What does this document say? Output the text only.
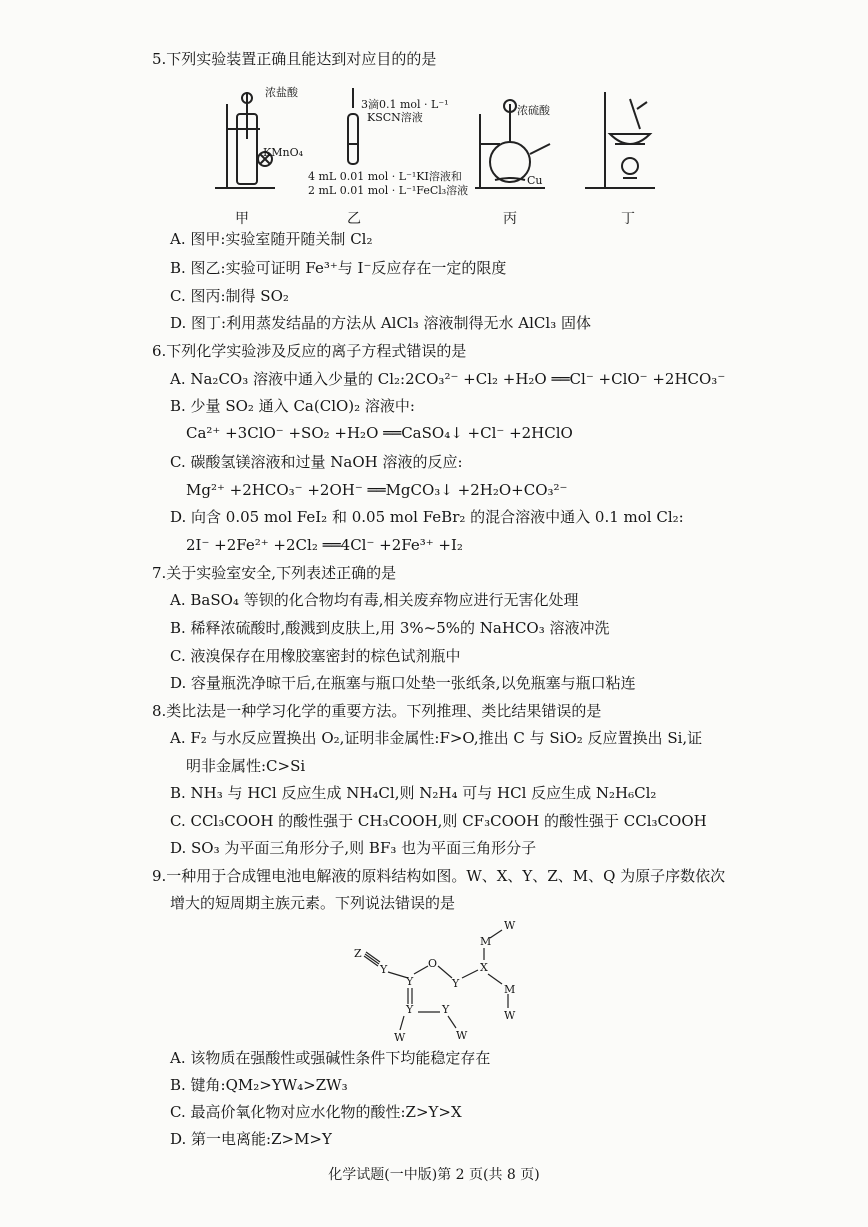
5.下列实验装置正确且能达到对应目的的是
浓盐酸
KMnO₄
3滴0.1 mol · L⁻¹
KSCN溶液
4 mL 0.01 mol · L⁻¹KI溶液和
2 mL 0.01 mol · L⁻¹FeCl₃溶液
浓硫酸
Cu
甲	乙	丙	丁
A. 图甲:实验室随开随关制 Cl₂
B. 图乙:实验可证明 Fe³⁺与 I⁻反应存在一定的限度
C. 图丙:制得 SO₂
D. 图丁:利用蒸发结晶的方法从 AlCl₃ 溶液制得无水 AlCl₃ 固体
6.下列化学实验涉及反应的离子方程式错误的是
A. Na₂CO₃ 溶液中通入少量的 Cl₂:2CO₃²⁻ +Cl₂ +H₂O ══Cl⁻ +ClO⁻ +2HCO₃⁻
B. 少量 SO₂ 通入 Ca(ClO)₂ 溶液中:
Ca²⁺ +3ClO⁻ +SO₂ +H₂O ══CaSO₄↓ +Cl⁻ +2HClO
C. 碳酸氢镁溶液和过量 NaOH 溶液的反应:
Mg²⁺ +2HCO₃⁻ +2OH⁻ ══MgCO₃↓ +2H₂O+CO₃²⁻
D. 向含 0.05 mol FeI₂ 和 0.05 mol FeBr₂ 的混合溶液中通入 0.1 mol Cl₂:
2I⁻ +2Fe²⁺ +2Cl₂ ══4Cl⁻ +2Fe³⁺ +I₂
7.关于实验室安全,下列表述正确的是
A. BaSO₄ 等钡的化合物均有毒,相关废弃物应进行无害化处理
B. 稀释浓硫酸时,酸溅到皮肤上,用 3%~5%的 NaHCO₃ 溶液冲洗
C. 液溴保存在用橡胶塞密封的棕色试剂瓶中
D. 容量瓶洗净晾干后,在瓶塞与瓶口处垫一张纸条,以免瓶塞与瓶口粘连
8.类比法是一种学习化学的重要方法。下列推理、类比结果错误的是
A. F₂ 与水反应置换出 O₂,证明非金属性:F>O,推出 C 与 SiO₂ 反应置换出 Si,证
明非金属性:C>Si
B. NH₃ 与 HCl 反应生成 NH₄Cl,则 N₂H₄ 可与 HCl 反应生成 N₂H₆Cl₂
C. CCl₃COOH 的酸性强于 CH₃COOH,则 CF₃COOH 的酸性强于 CCl₃COOH
D. SO₃ 为平面三角形分子,则 BF₃ 也为平面三角形分子
9.一种用于合成锂电池电解液的原料结构如图。W、X、Y、Z、M、Q 为原子序数依次
增大的短周期主族元素。下列说法错误的是
Z
Y
Y
O
Y
X
M
W
M
W
Y	Y
W	W
A. 该物质在强酸性或强碱性条件下均能稳定存在
B. 键角:QM₂>YW₄>ZW₃
C. 最高价氧化物对应水化物的酸性:Z>Y>X
D. 第一电离能:Z>M>Y
化学试题(一中版)第 2 页(共 8 页)
